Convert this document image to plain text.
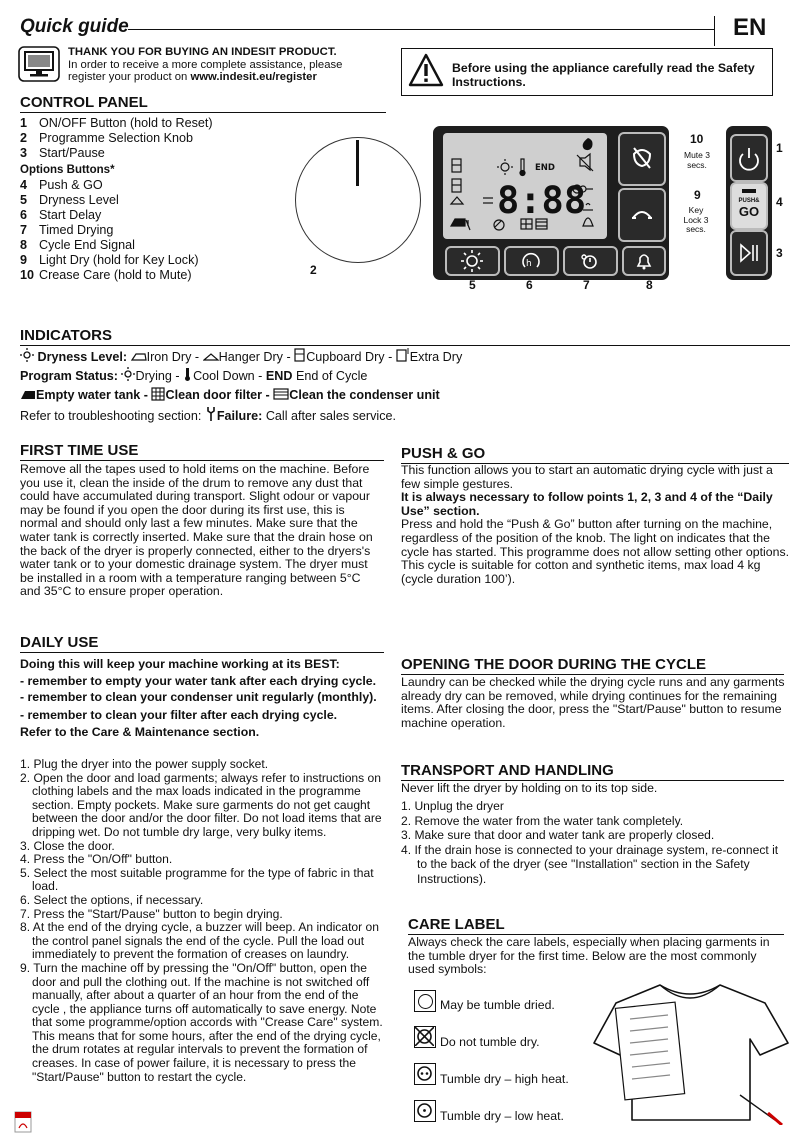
Quick guide	EN
THANK YOU FOR BUYING AN INDESIT PRODUCT.
In order to receive a more complete assistance, please
register your product on www.indesit.eu/register
Before using the appliance carefully read the Safety Instructions.
CONTROL PANEL
1 ON/OFF Button (hold to Reset)
2 Programme Selection Knob
3 Start/Pause
Options Buttons*
4 Push & GO
5 Dryness Level
6 Start Delay
7 Timed Drying
8 Cycle End Signal
9 Light Dry (hold for Key Lock)
10 Crease Care (hold to Mute)	2
END
8:88
h
PUSH&
GO
10
Mute 3 secs.
9
Key Lock 3 secs.
1
4
3
5	6	7	8
INDICATORS
Dryness Level: Iron Dry - Hanger Dry - Cupboard Dry - Extra Dry
Program Status: Drying - Cool Down - END End of Cycle
Empty water tank - Clean door filter - Clean the condenser unit
Refer to troubleshooting section: Failure: Call after sales service.
FIRST TIME USE
Remove all the tapes used to hold items on the machine. Before you use it, clean the inside of the drum to remove any dust that could have accumulated during transport. Slight odour or vapour may be found if you open the door during its first use, this is normal and should only last a few minutes. Make sure that the water tank is correctly inserted. Make sure that the drain hose on the back of the dryer is properly connected, either to the dryers's water tank or to your domestic drainage system. The dryer must be installed in a room with a temperature ranging between 5°C and 35°C to ensure proper operation.
DAILY USE
Doing this will keep your machine working at its BEST:
- remember to empty your water tank after each drying cycle.
- remember to clean your condenser unit regularly (monthly).
- remember to clean your filter after each drying cycle.
Refer to the Care & Maintenance section.
1. Plug the dryer into the power supply socket.
2. Open the door and load garments; always refer to instructions on clothing labels and the max loads indicated in the programme section. Empty pockets. Make sure garments do not get caught between the door and/or the door filter. Do not load items that are dripping wet. Do not tumble dry large, very bulky items.
3. Close the door.
4. Press the "On/Off" button.
5. Select the most suitable programme for the type of fabric in that load.
6. Select the options, if necessary.
7. Press the "Start/Pause" button to begin drying.
8. At the end of the drying cycle, a buzzer will beep. An indicator on the control panel signals the end of the cycle. Pull the load out immediately to prevent the formation of creases on laundry.
9. Turn the machine off by pressing the "On/Off" button, open the door and pull the clothing out. If the machine is not switched off manually, after about a quarter of an hour from the end of the cycle , the appliance turns off automatically to save energy. Note that some programme/option accords with "Crease Care" system. This means that for some hours, after the end of the drying cycle, the drum rotates at regular intervals to prevent the formation of creases. In case of power failure, it is necessary to press the "Start/Pause" button to restart the cycle.
PUSH & GO
This function allows you to start an automatic drying cycle with just a few simple gestures.
It is always necessary to follow points 1, 2, 3 and 4 of the “Daily Use” section.
Press and hold the “Push & Go” button after turning on the machine, regardless of the position of the knob. The light on indicates that the cycle has started. This programme does not allow setting other options.
This cycle is suitable for cotton and synthetic items, max load 4 kg (cycle duration 100’).
OPENING THE DOOR DURING THE CYCLE
Laundry can be checked while the drying cycle runs and any garments already dry can be removed, while drying continues for the remaining items. After closing the door, press the "Start/Pause" button to resume machine operation.
TRANSPORT AND HANDLING
Never lift the dryer by holding on to its top side.
1. Unplug the dryer
2. Remove the water from the water tank completely.
3. Make sure that door and water tank are properly closed.
4. If the drain hose is connected to your drainage system, re-connect it to the back of the dryer (see "Installation" section in the Safety Instructions).
CARE LABEL
Always check the care labels, especially when placing garments in the tumble dryer for the first time. Below are the most commonly used symbols:
May be tumble dried.
Do not tumble dry.
Tumble dry – high heat.
Tumble dry – low heat.
